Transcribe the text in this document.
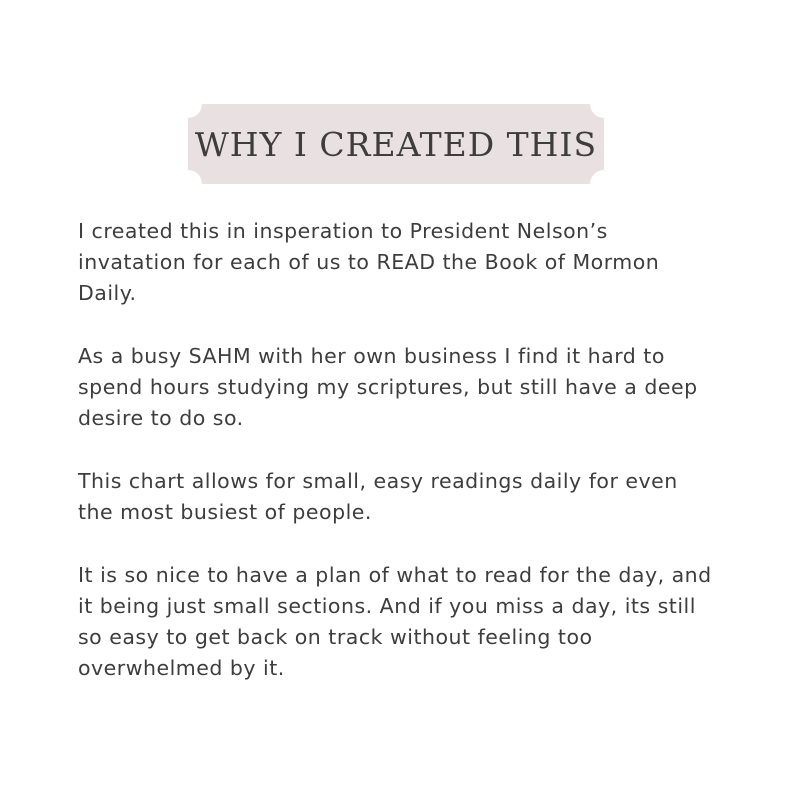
WHY I CREATED THIS

I created this in insperation to President Nelson’s invatation for each of us to READ the Book of Mormon Daily.

As a busy SAHM with her own business I find it hard to spend hours studying my scriptures, but still have a deep desire to do so.

This chart allows for small, easy readings daily for even the most busiest of people.

It is so nice to have a plan of what to read for the day, and it being just small sections. And if you miss a day, its still so easy to get back on track without feeling too overwhelmed by it.
